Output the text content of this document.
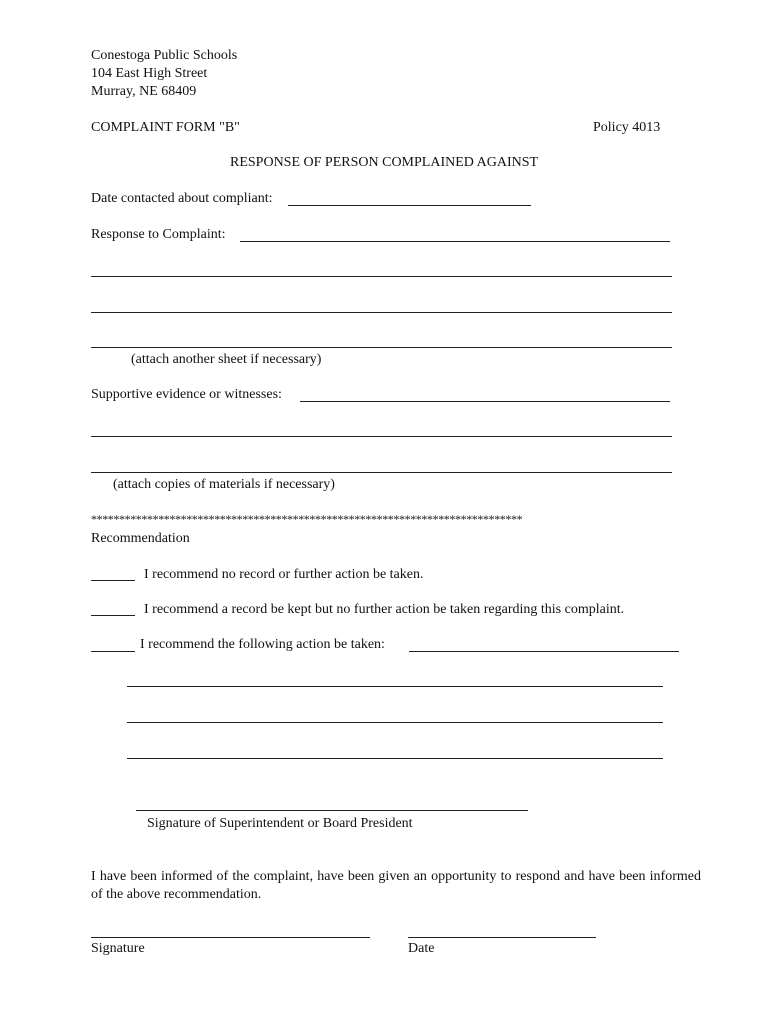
Conestoga Public Schools
104 East High Street
Murray, NE 68409
COMPLAINT FORM "B"	Policy 4013
RESPONSE OF PERSON COMPLAINED AGAINST
Date contacted about compliant:
Response to Complaint:
(attach another sheet if necessary)
Supportive evidence or witnesses:
(attach copies of materials if necessary)
*****************************************************************************
Recommendation
I recommend no record or further action be taken.
I recommend a record be kept but no further action be taken regarding this complaint.
I recommend the following action be taken:
Signature of Superintendent or Board President
I have been informed of the complaint, have been given an opportunity to respond and have been informed of the above recommendation.
Signature	Date
